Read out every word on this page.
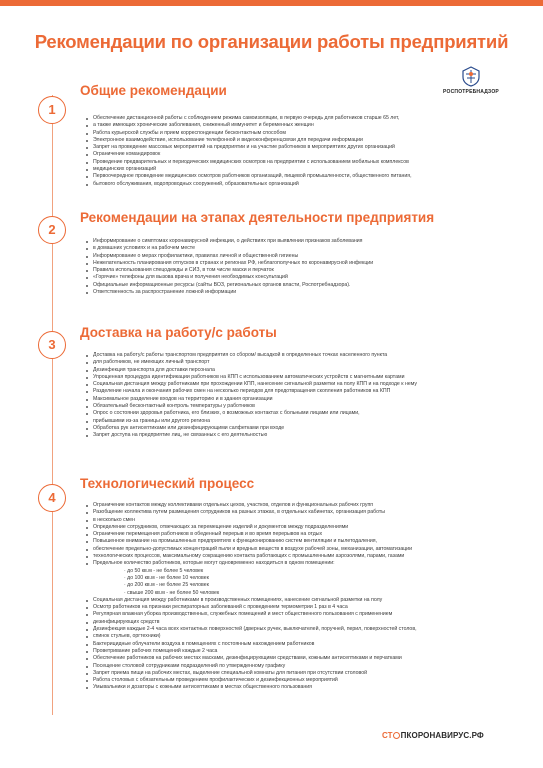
Рекомендации по организации работы предприятий
РОСПОТРЕБНАДЗОР
1
Общие рекомендации
Обеспечение дистанционной работы с соблюдением режима самоизоляции, в первую очередь для работников старше 65 лет,
а также имеющих хронические заболевания, сниженный иммунитет и беременных женщин
Работа курьерской службы и прием корреспонденции бесконтактным способом
Электронное взаимодействие, использование телефонной и видеоконференцсвязи для передачи информации
Запрет на проведение массовых мероприятий на предприятии и на участие работников в мероприятиях других организаций
Ограничение командировок
Проведение предварительных и периодических медицинских осмотров на предприятии с использованием мобильных комплексов
медицинских организаций
Первоочередное проведение медицинских осмотров работников организаций, пищевой промышленности, общественного питания,
бытового обслуживания, водопроводных сооружений, образовательных организаций
2
Рекомендации на этапах деятельности предприятия
Информирование о симптомах коронавирусной инфекции, о действиях при выявлении признаков заболевания
в домашних условиях и на рабочем месте
Информирование о мерах профилактики, правилах личной и общественной гигиены
Нежелательность планирования отпусков в странах и регионах РФ, неблагополучных по коронавирусной инфекции
Правила использования спецодежды и СИЗ, в том числе маски и перчаток
«Горячие» телефоны для вызова врача и получения необходимых консультаций
Официальные информационные ресурсы (сайты ВОЗ, региональных органов власти, Роспотребнадзора).
Ответственность за распространение ложной информации
3
Доставка на работу/с работы
Доставка на работу/с работы транспортом предприятия со сбором/ высадкой в определенных точках населенного пункта
для работников, не имеющих личный транспорт
Дезинфекция транспорта для доставки персонала
Упрощенная процедура идентификации работников на КПП с использованием автоматических устройств с магнитными картами
Социальная дистанция между работниками при прохождении КПП, нанесение сигнальной разметки на полу КПП и на подходе к нему
Разделение начала и окончания рабочих смен на несколько периодов для предотвращения скопления работников на КПП
Максимальное разделение входов на территорию и в здания организации
Обязательный бесконтактный контроль температуры у работников
Опрос о состоянии здоровья работника, его близких, о возможных контактах с больными лицами или лицами,
прибывшими из-за границы или другого региона
Обработка рук антисептиками или дезинфицирующими салфетками при входе
Запрет доступа на предприятие лиц, не связанных с его деятельностью
4
Технологический процесс
Ограничение контактов между коллективами отдельных цехов, участков, отделов и функциональных рабочих групп
Разобщение коллектива путем размещения сотрудников на разных этажах, в отдельных кабинетах, организация работы
в несколько смен
Определение сотрудников, отвечающих за перемещение изделий и документов между подразделениями
Ограничение перемещения работников в обеденный перерыв и во время перерывов на отдых
Повышенное внимание на промышленных предприятиях к функционированию систем вентиляции и пылетодаления,
обеспечение предельно-допустимых концентраций пыли и вредных веществ в воздухе рабочей зоны, механизации, автоматизации
технологических процессов, максимальному сокращению контакта работающих с промышленными аэрозолями, парами, газами
Предельное количество работников, которые могут одновременно находиться в одном помещении:
· до 50 кв.м - не более 5 человек
· до 100 кв.м - не более 10 человек
· до 200 кв.м - не более 25 человек
· свыше 200 кв.м - не более 50 человек
Социальная дистанция между работниками в производственных помещениях, нанесение сигнальной разметки на полу
Осмотр работников на признаки респираторных заболеваний с проведением термометрии 1 раз в 4 часа
Регулярная влажная уборка производственных, служебных помещений и мест общественного пользования с применением
дезинфицирующих средств
Дезинфекция каждые 2-4 часа всех контактных поверхностей (дверных ручек, выключателей, поручней, перил, поверхностей столов,
спинок стульев, оргтехники)
Бактерицидные облучатели воздуха в помещениях с постоянным нахождением работников
Проветривание рабочих помещений каждые 2 часа
Обеспечение работников на рабочих местах масками, дезинфицирующими средствами, кожными антисептиками и перчатками
Посещение столовой сотрудниками подразделений по утвержденному графику
Запрет приема пищи на рабочих местах, выделение специальной комнаты для питания при отсутствии столовой
Работа столовых с обязательным проведением профилактических и дезинфекционных мероприятий
Умывальники и дозаторы с кожными антисептиками в местах общественного пользования
СТ ПКОРОНАВИРУС.РФ
